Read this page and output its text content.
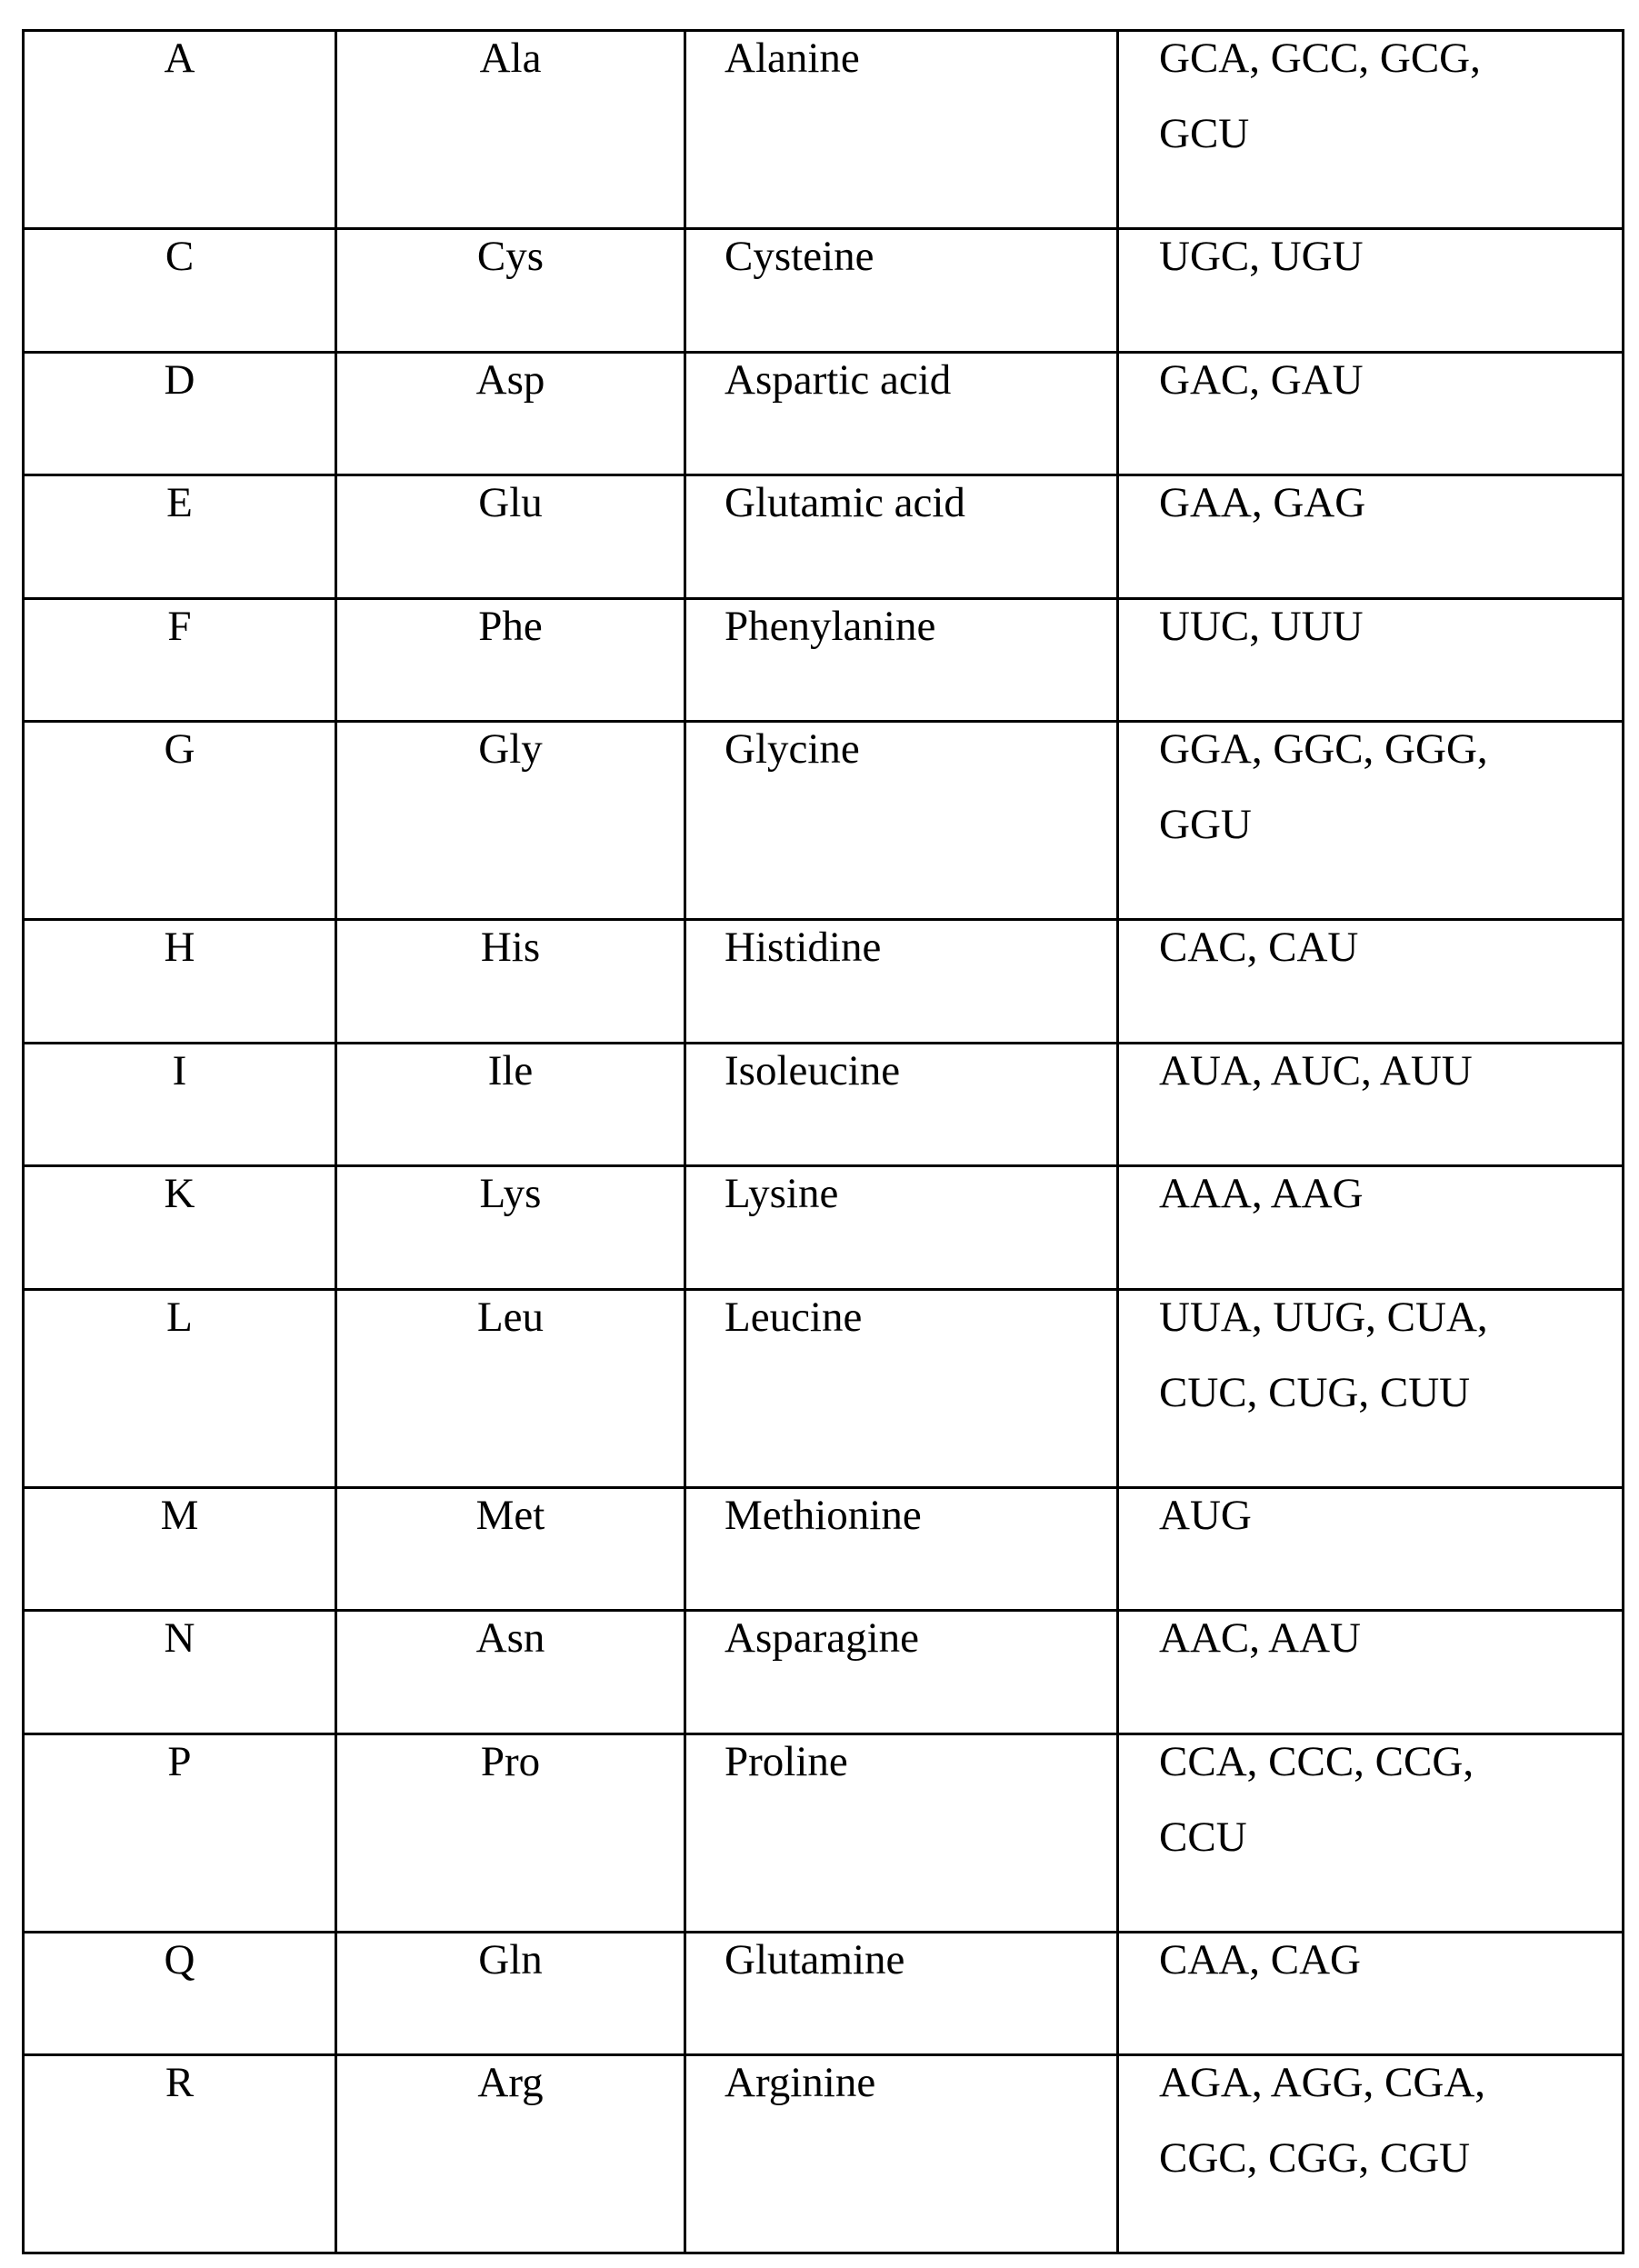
A	Ala	Alanine	GCA, GCC, GCG,
GCU

C	Cys	Cysteine	UGC, UGU

D	Asp	Aspartic acid	GAC, GAU

E	Glu	Glutamic acid	GAA, GAG

F	Phe	Phenylanine	UUC, UUU

G	Gly	Glycine	GGA, GGC, GGG,
GGU

H	His	Histidine	CAC, CAU

I	Ile	Isoleucine	AUA, AUC, AUU

K	Lys	Lysine	AAA, AAG

L	Leu	Leucine	UUA, UUG, CUA,
CUC, CUG, CUU

M	Met	Methionine	AUG

N	Asn	Asparagine	AAC, AAU

P	Pro	Proline	CCA, CCC, CCG,
CCU

Q	Gln	Glutamine	CAA, CAG

R	Arg	Arginine	AGA, AGG, CGA,
CGC, CGG, CGU
